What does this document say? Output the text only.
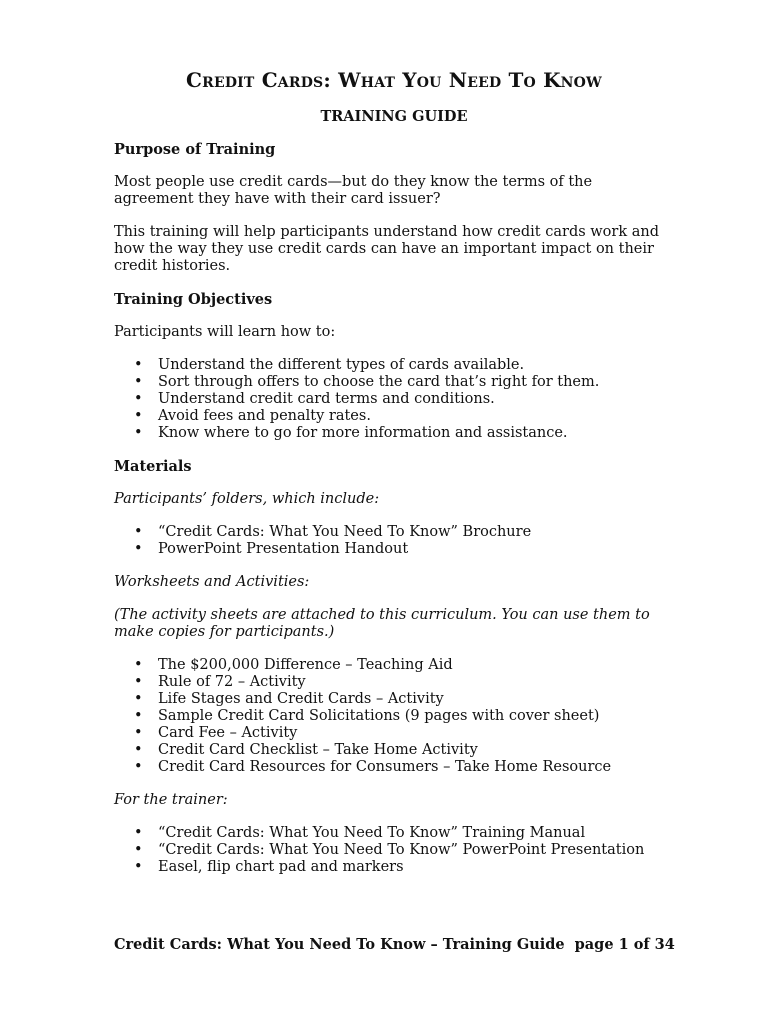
Credit Cards: What You Need To Know
TRAINING GUIDE
Purpose of Training

Most people use credit cards—but do they know the terms of the agreement they have with their card issuer?

This training will help participants understand how credit cards work and how the way they use credit cards can have an important impact on their credit histories.

Training Objectives

Participants will learn how to:

• Understand the different types of cards available.
• Sort through offers to choose the card that’s right for them.
• Understand credit card terms and conditions.
• Avoid fees and penalty rates.
• Know where to go for more information and assistance.
Materials

Participants’ folders, which include:

• “Credit Cards: What You Need To Know” Brochure
• PowerPoint Presentation Handout

Worksheets and Activities:

(The activity sheets are attached to this curriculum. You can use them to make copies for participants.)

• The $200,000 Difference – Teaching Aid
• Rule of 72 – Activity
• Life Stages and Credit Cards – Activity
• Sample Credit Card Solicitations (9 pages with cover sheet)
• Card Fee – Activity
• Credit Card Checklist – Take Home Activity
• Credit Card Resources for Consumers – Take Home Resource

For the trainer:

• “Credit Cards: What You Need To Know” Training Manual
• “Credit Cards: What You Need To Know” PowerPoint Presentation
• Easel, flip chart pad and markers
Credit Cards: What You Need To Know – Training Guide page 1 of 34
